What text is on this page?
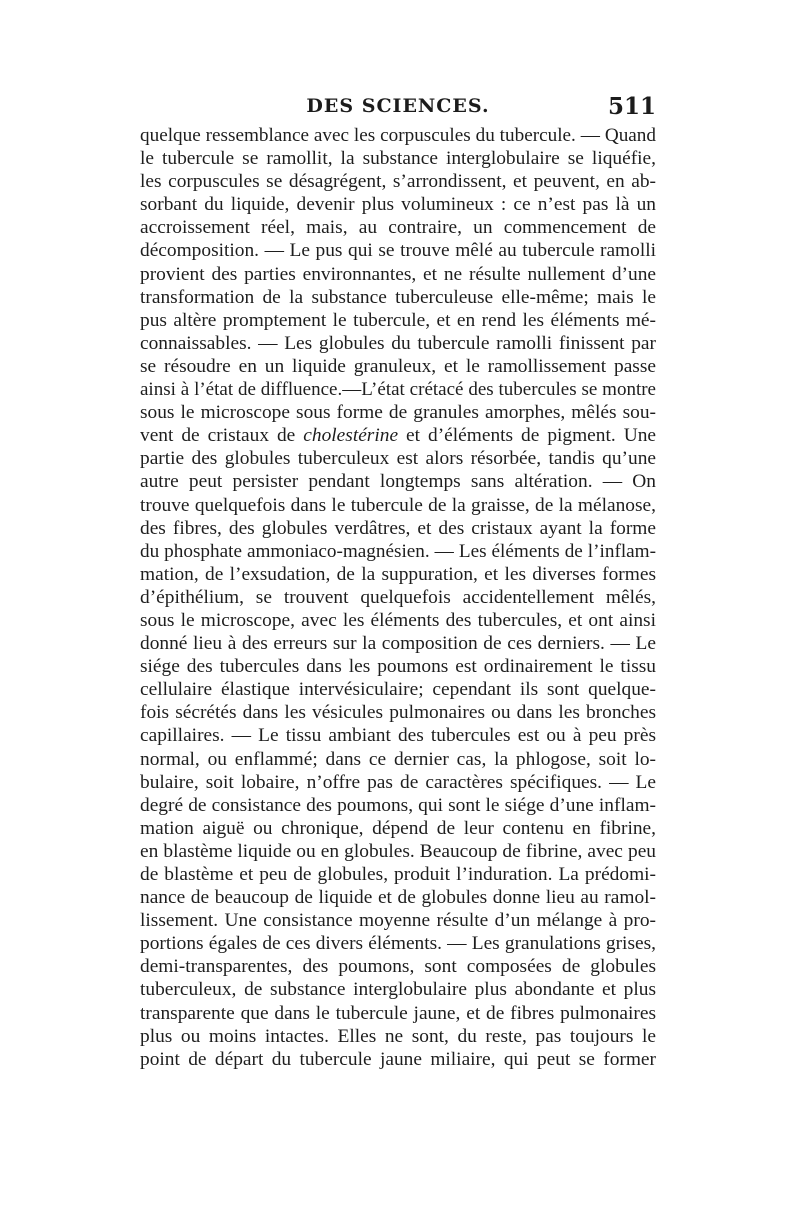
DES SCIENCES.	511
quelque ressemblance avec les corpuscules du tubercule. — Quand
le tubercule se ramollit, la substance interglobulaire se liquéfie,
les corpuscules se désagrégent, s’arrondissent, et peuvent, en ab-
sorbant du liquide, devenir plus volumineux : ce n’est pas là un
accroissement réel, mais, au contraire, un commencement de
décomposition. — Le pus qui se trouve mêlé au tubercule ramolli
provient des parties environnantes, et ne résulte nullement d’une
transformation de la substance tuberculeuse elle-même; mais le
pus altère promptement le tubercule, et en rend les éléments mé-
connaissables. — Les globules du tubercule ramolli finissent par
se résoudre en un liquide granuleux, et le ramollissement passe
ainsi à l’état de diffluence.—L’état crétacé des tubercules se montre
sous le microscope sous forme de granules amorphes, mêlés sou-
vent de cristaux de cholestérine et d’éléments de pigment. Une
partie des globules tuberculeux est alors résorbée, tandis qu’une
autre peut persister pendant longtemps sans altération. — On
trouve quelquefois dans le tubercule de la graisse, de la mélanose,
des fibres, des globules verdâtres, et des cristaux ayant la forme
du phosphate ammoniaco-magnésien. — Les éléments de l’inflam-
mation, de l’exsudation, de la suppuration, et les diverses formes
d’épithélium, se trouvent quelquefois accidentellement mêlés,
sous le microscope, avec les éléments des tubercules, et ont ainsi
donné lieu à des erreurs sur la composition de ces derniers. — Le
siége des tubercules dans les poumons est ordinairement le tissu
cellulaire élastique intervésiculaire; cependant ils sont quelque-
fois sécrétés dans les vésicules pulmonaires ou dans les bronches
capillaires. — Le tissu ambiant des tubercules est ou à peu près
normal, ou enflammé; dans ce dernier cas, la phlogose, soit lo-
bulaire, soit lobaire, n’offre pas de caractères spécifiques. — Le
degré de consistance des poumons, qui sont le siége d’une inflam-
mation aiguë ou chronique, dépend de leur contenu en fibrine,
en blastème liquide ou en globules. Beaucoup de fibrine, avec peu
de blastème et peu de globules, produit l’induration. La prédomi-
nance de beaucoup de liquide et de globules donne lieu au ramol-
lissement. Une consistance moyenne résulte d’un mélange à pro-
portions égales de ces divers éléments. — Les granulations grises,
demi-transparentes, des poumons, sont composées de globules
tuberculeux, de substance interglobulaire plus abondante et plus
transparente que dans le tubercule jaune, et de fibres pulmonaires
plus ou moins intactes. Elles ne sont, du reste, pas toujours le
point de départ du tubercule jaune miliaire, qui peut se former
